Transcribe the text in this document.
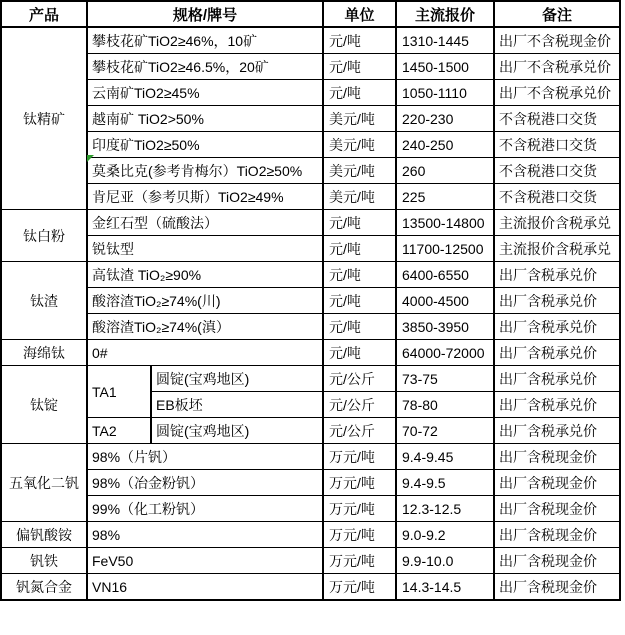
产品	规格/牌号		单位	主流报价	备注
钛精矿	攀枝花矿TiO2≥46%，10矿		元/吨	1310-1445	出厂不含税现金价
	攀枝花矿TiO2≥46.5%，20矿		元/吨	1450-1500	出厂不含税承兑价
	云南矿TiO2≥45%		元/吨	1050-1110	出厂不含税承兑价
	越南矿 TiO2>50%		美元/吨	220-230	不含税港口交货
	印度矿TiO2≥50%		美元/吨	240-250	不含税港口交货
	莫桑比克(参考肯梅尔）TiO2≥50%		美元/吨	260	不含税港口交货
	肯尼亚（参考贝斯）TiO2≥49%		美元/吨	225	不含税港口交货
钛白粉	金红石型（硫酸法）		元/吨	13500-14800	主流报价含税承兑
	锐钛型		元/吨	11700-12500	主流报价含税承兑
钛渣	高钛渣 TiO₂≥90%		元/吨	6400-6550	出厂含税承兑价
	酸溶渣TiO₂≥74%(川)		元/吨	4000-4500	出厂含税承兑价
	酸溶渣TiO₂≥74%(滇）		元/吨	3850-3950	出厂含税承兑价
海绵钛	0#		元/吨	64000-72000	出厂含税承兑价
钛锭	TA1	圆锭(宝鸡地区)	元/公斤	73-75	出厂含税承兑价
		EB板坯	元/公斤	78-80	出厂含税承兑价
	TA2	圆锭(宝鸡地区)	元/公斤	70-72	出厂含税承兑价
五氧化二钒	98%（片钒）		万元/吨	9.4-9.45	出厂含税现金价
	98%（冶金粉钒）		万元/吨	9.4-9.5	出厂含税现金价
	99%（化工粉钒）		万元/吨	12.3-12.5	出厂含税现金价
偏钒酸铵	98%		万元/吨	9.0-9.2	出厂含税现金价
钒铁	FeV50		万元/吨	9.9-10.0	出厂含税现金价
钒氮合金	VN16		万元/吨	14.3-14.5	出厂含税现金价
